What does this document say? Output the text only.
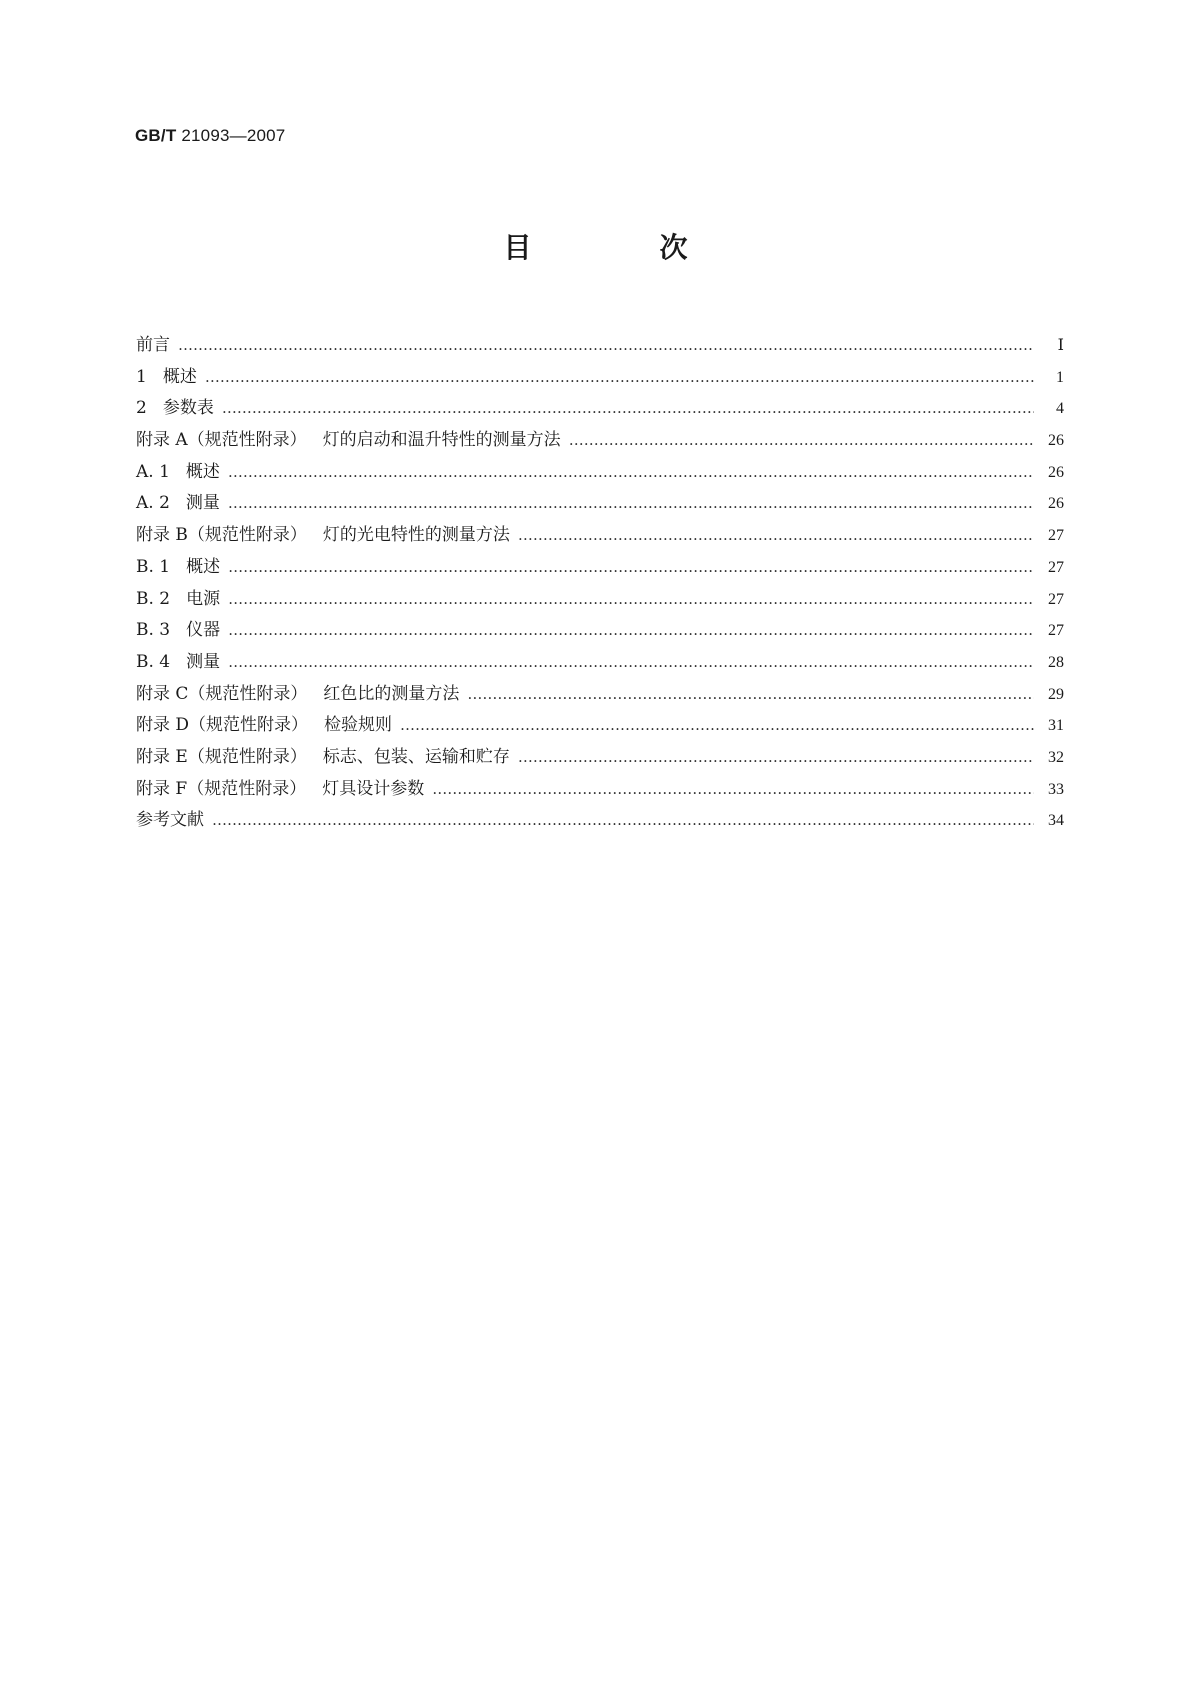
GB/T 21093—2007
目　次
前言 ……………………………………………………………………………………………………………………………………………………………………	Ⅰ
1 概述 ……………………………………………………………………………………………………………………………………………………………………	1
2 参数表 ……………………………………………………………………………………………………………………………………………………………………	4
附录 A（规范性附录） 灯的启动和温升特性的测量方法 ……………………………………………………………………………………………………………………………………………………………………	26
A. 1 概述 ……………………………………………………………………………………………………………………………………………………………………	26
A. 2 测量 ……………………………………………………………………………………………………………………………………………………………………	26
附录 B（规范性附录） 灯的光电特性的测量方法 ……………………………………………………………………………………………………………………………………………………………………	27
B. 1 概述 ……………………………………………………………………………………………………………………………………………………………………	27
B. 2 电源 ……………………………………………………………………………………………………………………………………………………………………	27
B. 3 仪器 ……………………………………………………………………………………………………………………………………………………………………	27
B. 4 测量 ……………………………………………………………………………………………………………………………………………………………………	28
附录 C（规范性附录） 红色比的测量方法 ……………………………………………………………………………………………………………………………………………………………………	29
附录 D（规范性附录） 检验规则 ……………………………………………………………………………………………………………………………………………………………………	31
附录 E（规范性附录） 标志、包装、运输和贮存 ……………………………………………………………………………………………………………………………………………………………………	32
附录 F（规范性附录） 灯具设计参数 ……………………………………………………………………………………………………………………………………………………………………	33
参考文献 ……………………………………………………………………………………………………………………………………………………………………	34
